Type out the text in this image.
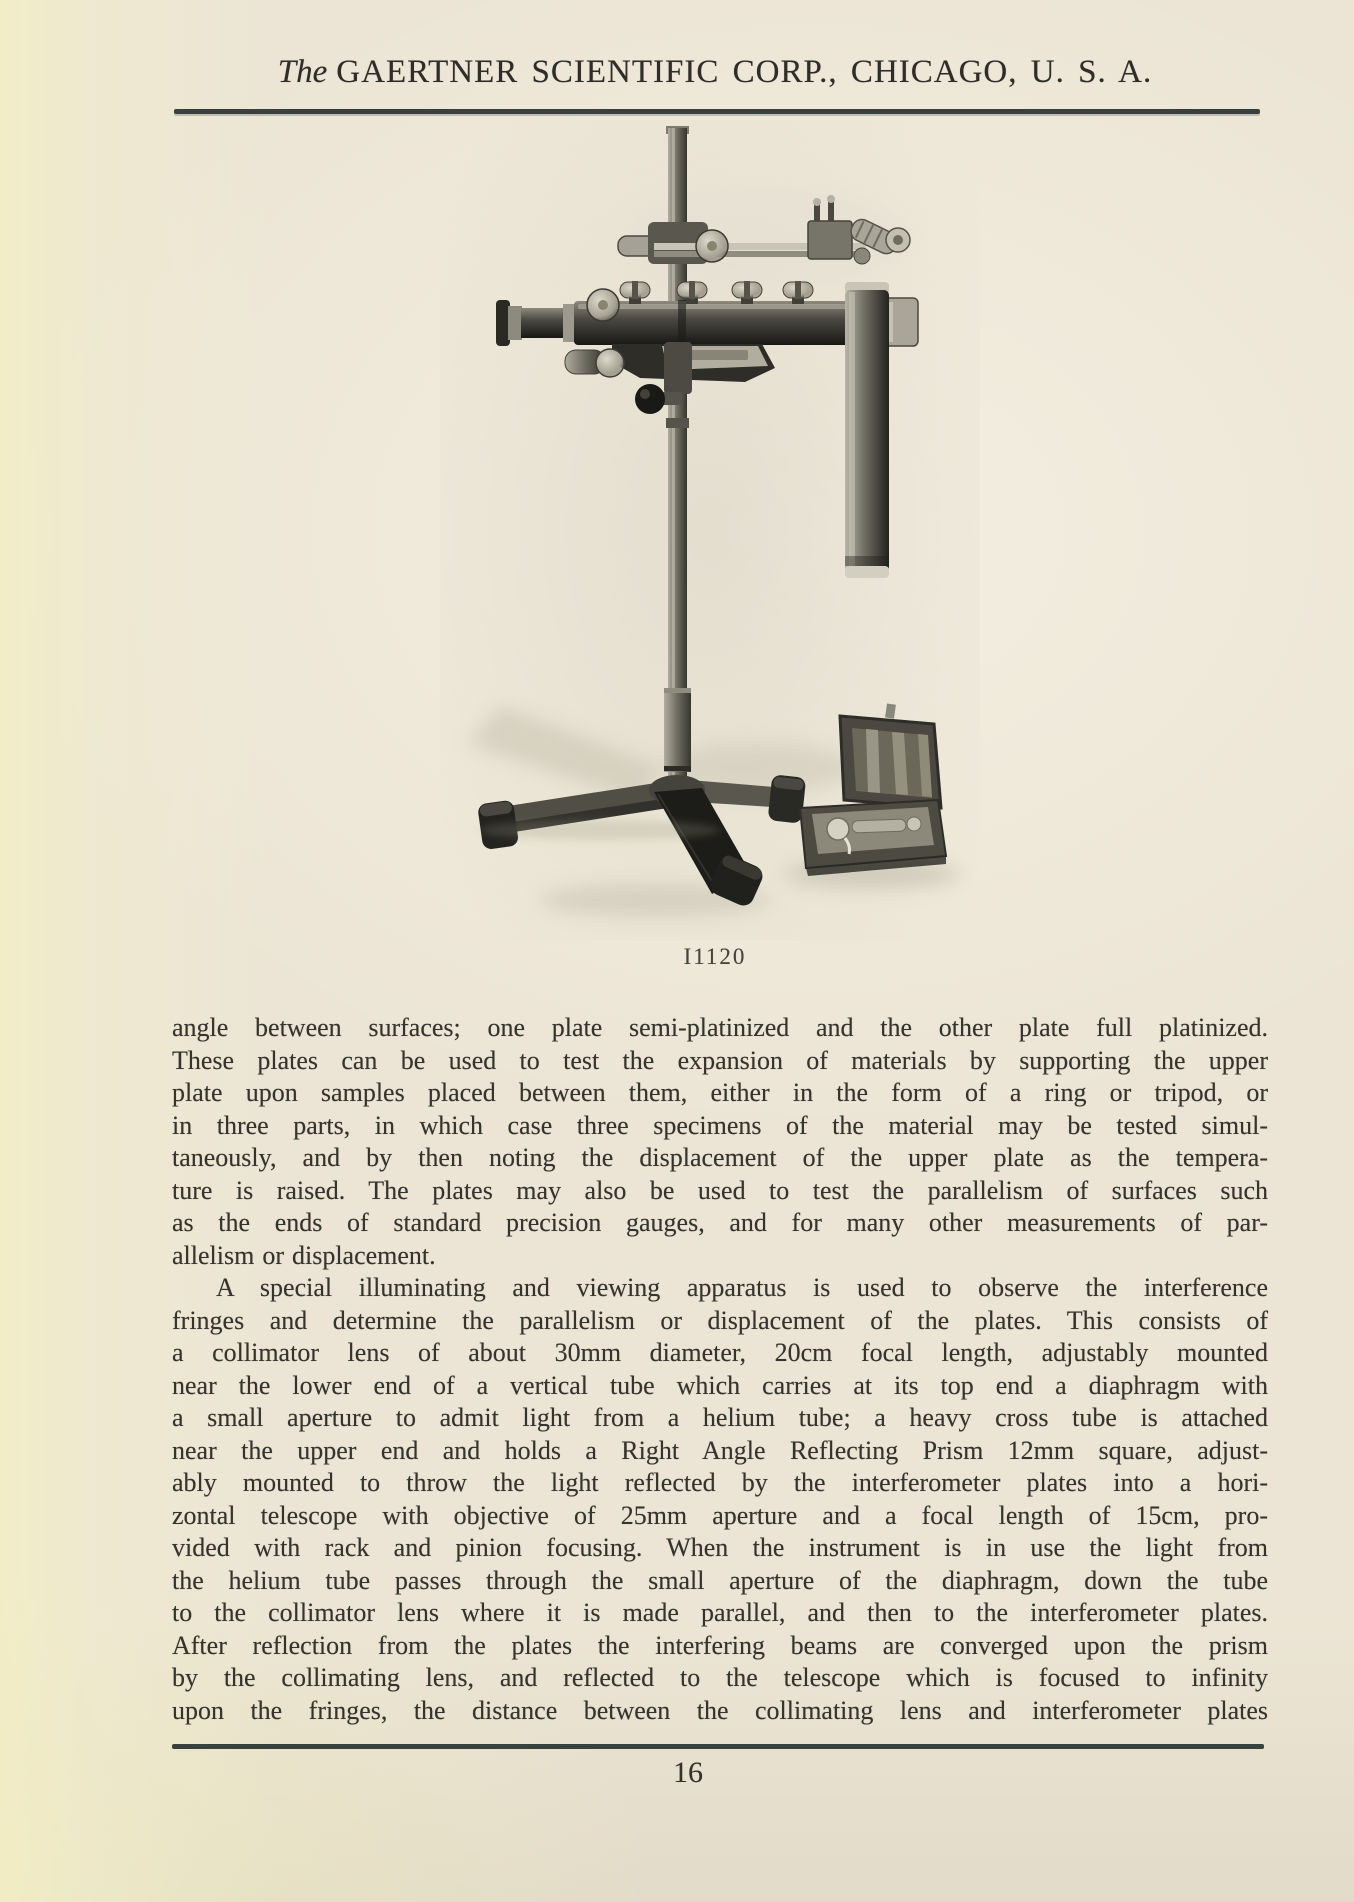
The GAERTNER SCIENTIFIC CORP., CHICAGO, U. S. A.
I1120
angle between surfaces; one plate semi-platinized and the other plate full platinized.
These plates can be used to test the expansion of materials by supporting the upper
plate upon samples placed between them, either in the form of a ring or tripod, or
in three parts, in which case three specimens of the material may be tested simul-
taneously, and by then noting the displacement of the upper plate as the tempera-
ture is raised. The plates may also be used to test the parallelism of surfaces such
as the ends of standard precision gauges, and for many other measurements of par-
allelism or displacement.
A special illuminating and viewing apparatus is used to observe the interference
fringes and determine the parallelism or displacement of the plates. This consists of
a collimator lens of about 30mm diameter, 20cm focal length, adjustably mounted
near the lower end of a vertical tube which carries at its top end a diaphragm with
a small aperture to admit light from a helium tube; a heavy cross tube is attached
near the upper end and holds a Right Angle Reflecting Prism 12mm square, adjust-
ably mounted to throw the light reflected by the interferometer plates into a hori-
zontal telescope with objective of 25mm aperture and a focal length of 15cm, pro-
vided with rack and pinion focusing. When the instrument is in use the light from
the helium tube passes through the small aperture of the diaphragm, down the tube
to the collimator lens where it is made parallel, and then to the interferometer plates.
After reflection from the plates the interfering beams are converged upon the prism
by the collimating lens, and reflected to the telescope which is focused to infinity
upon the fringes, the distance between the collimating lens and interferometer plates
16
